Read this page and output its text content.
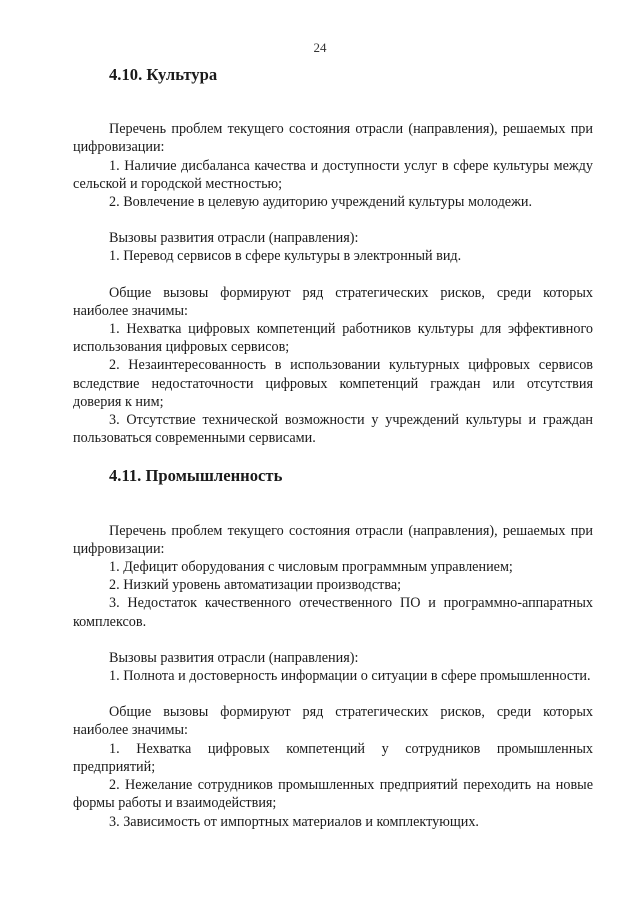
24
4.10. Культура

Перечень проблем текущего состояния отрасли (направления), решаемых при цифровизации:

1. Наличие дисбаланса качества и доступности услуг в сфере культуры между сельской и городской местностью;

2. Вовлечение в целевую аудиторию учреждений культуры молодежи.

Вызовы развития отрасли (направления):

1. Перевод сервисов в сфере культуры в электронный вид.

Общие вызовы формируют ряд стратегических рисков, среди которых наиболее значимы:

1. Нехватка цифровых компетенций работников культуры для эффективного использования цифровых сервисов;

2. Незаинтересованность в использовании культурных цифровых сервисов вследствие недостаточности цифровых компетенций граждан или отсутствия доверия к ним;

3. Отсутствие технической возможности у учреждений культуры и граждан пользоваться современными сервисами.

4.11. Промышленность

Перечень проблем текущего состояния отрасли (направления), решаемых при цифровизации:

1. Дефицит оборудования с числовым программным управлением;

2. Низкий уровень автоматизации производства;

3. Недостаток качественного отечественного ПО и программно-аппаратных комплексов.

Вызовы развития отрасли (направления):

1. Полнота и достоверность информации о ситуации в сфере промышленности.

Общие вызовы формируют ряд стратегических рисков, среди которых наиболее значимы:

1. Нехватка цифровых компетенций у сотрудников промышленных предприятий;

2. Нежелание сотрудников промышленных предприятий переходить на новые формы работы и взаимодействия;

3. Зависимость от импортных материалов и комплектующих.
